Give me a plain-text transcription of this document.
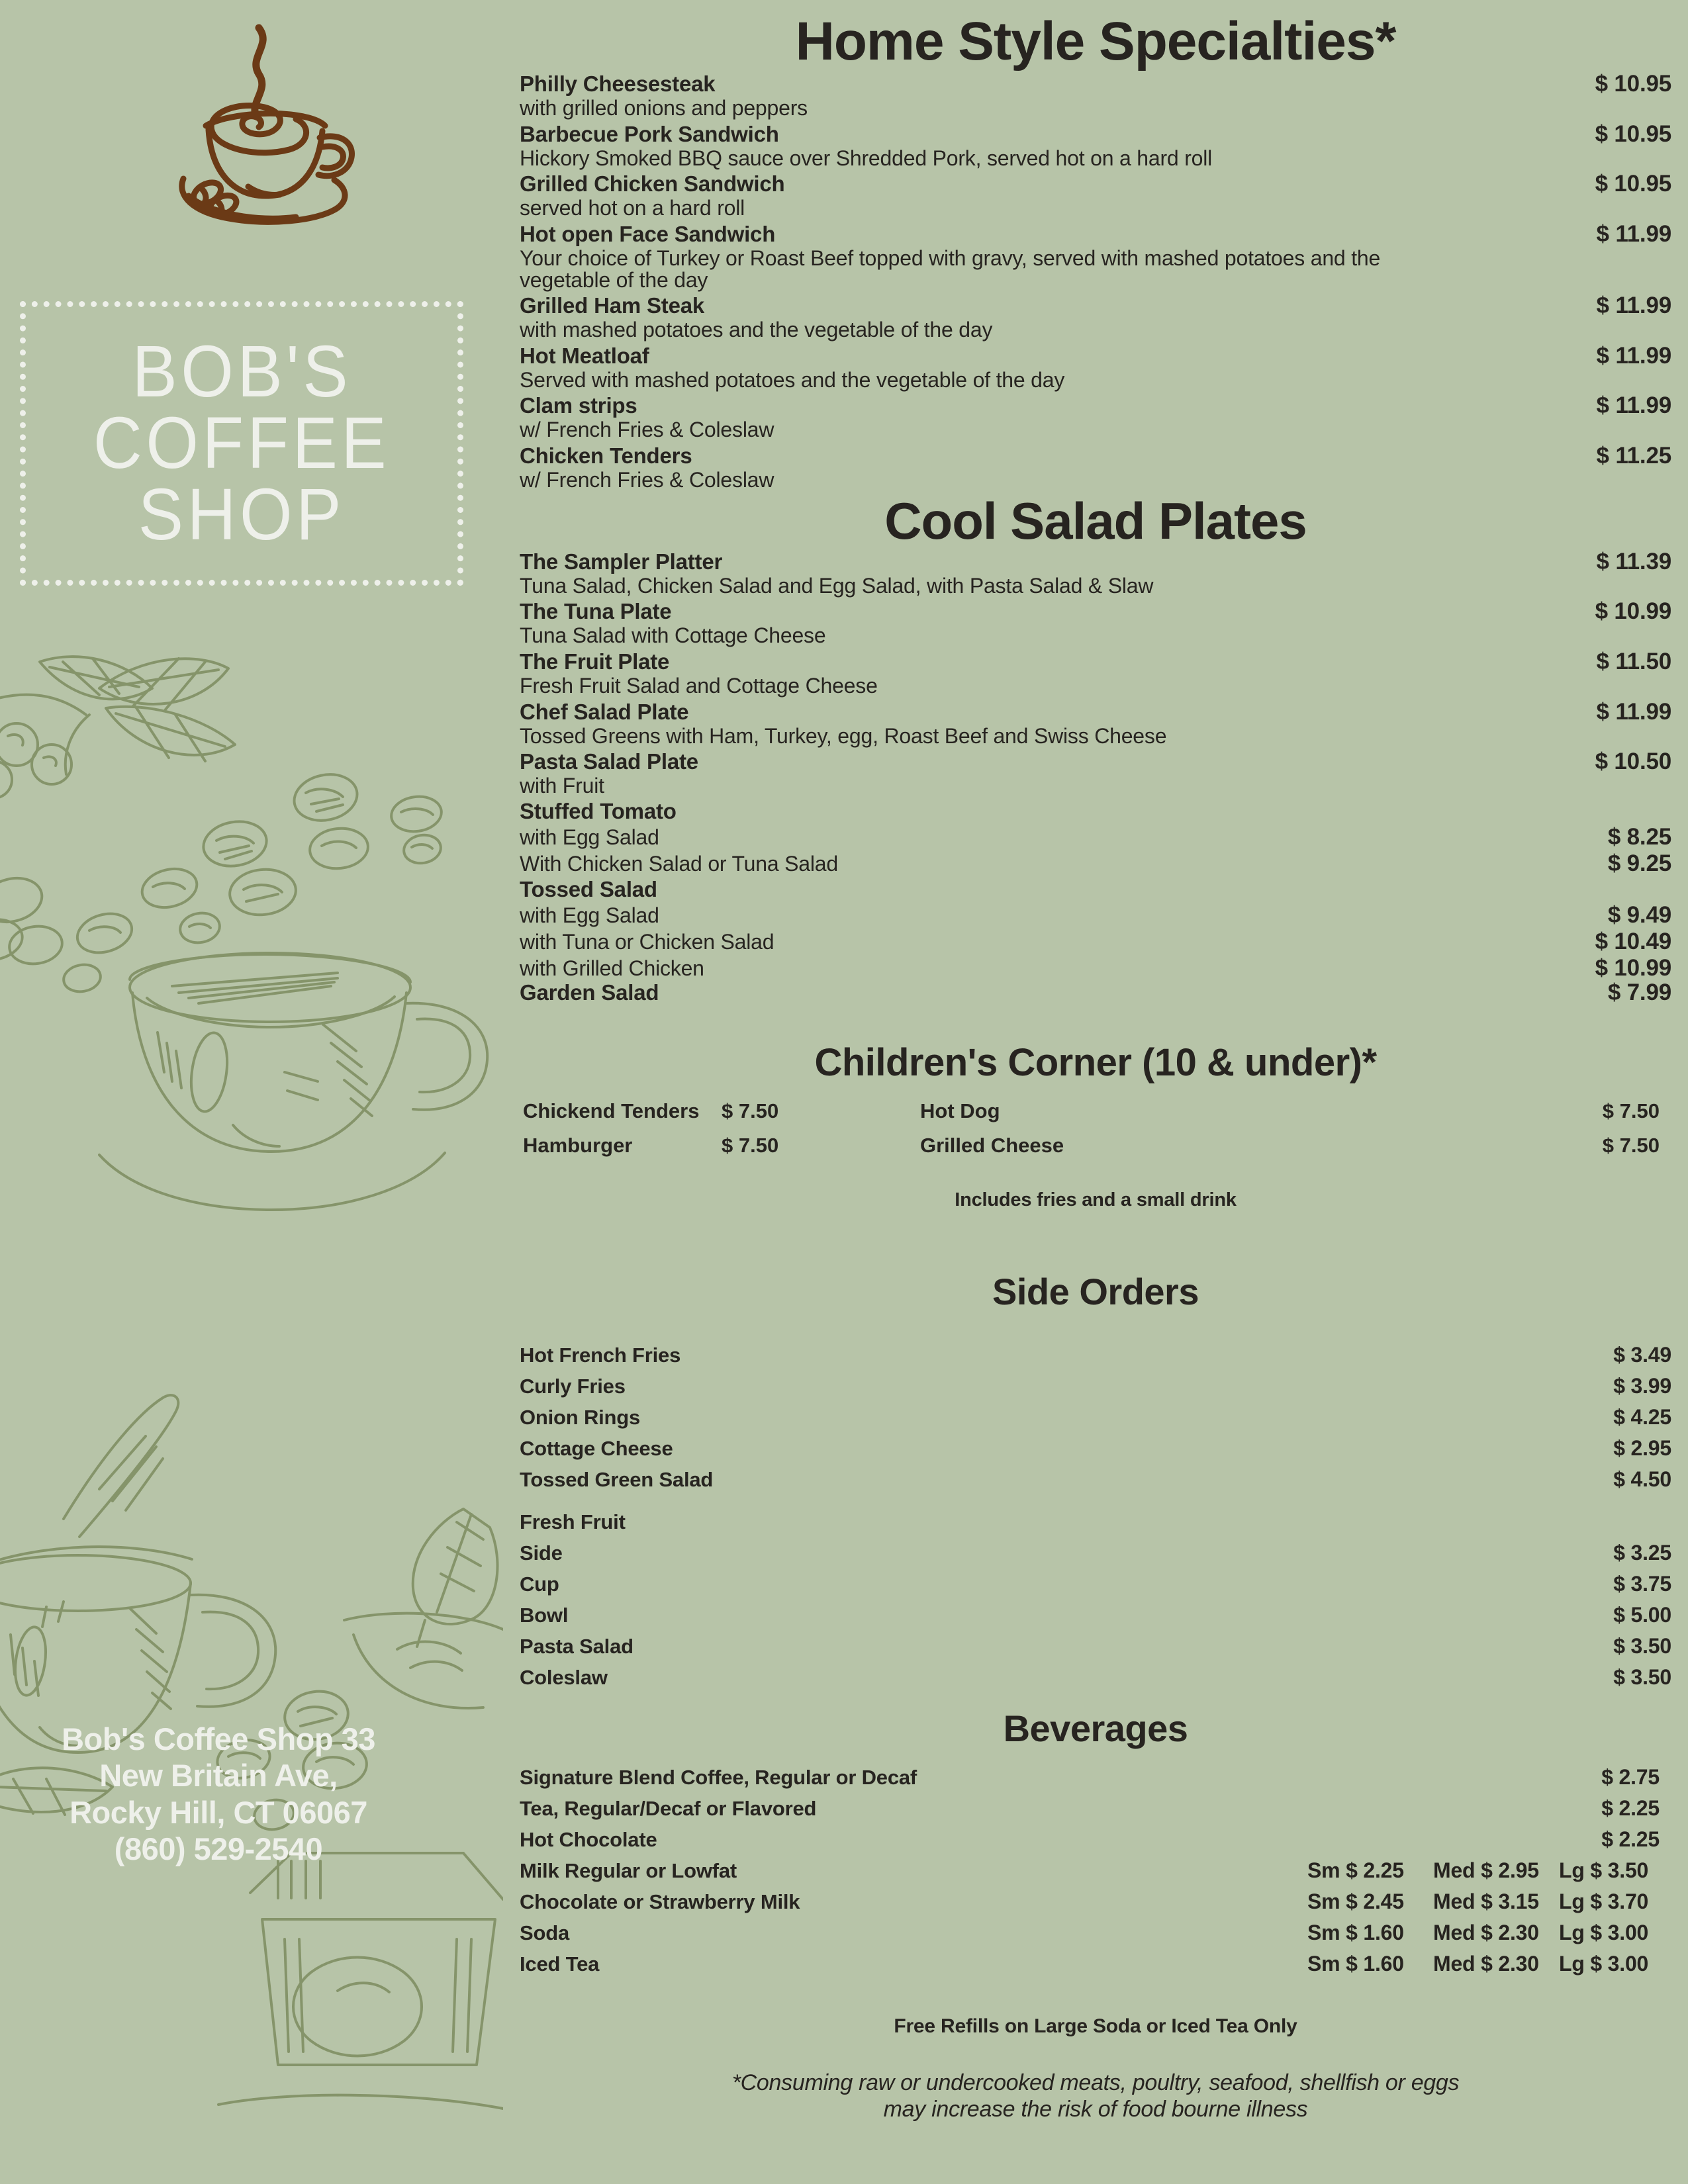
BOB'S
COFFEE
SHOP
Bob's Coffee Shop 33
New Britain Ave,
Rocky Hill, CT 06067
(860) 529-2540
Home Style Specialties*
Philly Cheesesteak	$ 10.95
with grilled onions and peppers
Barbecue Pork Sandwich	$ 10.95
Hickory Smoked BBQ sauce over Shredded Pork, served hot on a hard roll
Grilled Chicken Sandwich	$ 10.95
served hot on a hard roll
Hot open Face Sandwich	$ 11.99
Your choice of Turkey or Roast Beef topped with gravy, served with mashed potatoes and the vegetable of the day
Grilled Ham Steak	$ 11.99
with mashed potatoes and the vegetable of the day
Hot Meatloaf	$ 11.99
Served with mashed potatoes and the vegetable of the day
Clam strips	$ 11.99
w/ French Fries & Coleslaw
Chicken Tenders	$ 11.25
w/ French Fries & Coleslaw
Cool Salad Plates
The Sampler Platter	$ 11.39
Tuna Salad, Chicken Salad and Egg Salad, with Pasta Salad & Slaw
The Tuna Plate	$ 10.99
Tuna Salad with Cottage Cheese
The Fruit Plate	$ 11.50
Fresh Fruit Salad and Cottage Cheese
Chef Salad Plate	$ 11.99
Tossed Greens with Ham, Turkey, egg, Roast Beef and Swiss Cheese
Pasta Salad Plate	$ 10.50
with Fruit
Stuffed Tomato
with Egg Salad	$ 8.25
With Chicken Salad or Tuna Salad	$ 9.25
Tossed Salad
with Egg Salad	$ 9.49
with Tuna or Chicken Salad	$ 10.49
with Grilled Chicken	$ 10.99
Garden Salad	$ 7.99
Children's Corner (10 & under)*
Chickend Tenders	$ 7.50	Hot Dog	$ 7.50
Hamburger	$ 7.50	Grilled Cheese	$ 7.50
Includes fries and a small drink
Side Orders
Hot French Fries	$ 3.49
Curly Fries	$ 3.99
Onion Rings	$ 4.25
Cottage Cheese	$ 2.95
Tossed Green Salad	$ 4.50
Fresh Fruit
Side	$ 3.25
Cup	$ 3.75
Bowl	$ 5.00
Pasta Salad	$ 3.50
Coleslaw	$ 3.50
Beverages
Signature Blend Coffee, Regular or Decaf	$ 2.75
Tea, Regular/Decaf or Flavored	$ 2.25
Hot Chocolate	$ 2.25
Milk Regular or Lowfat	Sm $ 2.25	Med $ 2.95 Lg $ 3.50
Chocolate or Strawberry Milk	Sm $ 2.45	Med $ 3.15 Lg $ 3.70
Soda	Sm $ 1.60	Med $ 2.30 Lg $ 3.00
Iced Tea	Sm $ 1.60	Med $ 2.30 Lg $ 3.00
Free Refills on Large Soda or Iced Tea Only
*Consuming raw or undercooked meats, poultry, seafood, shellfish or eggs
may increase the risk of food bourne illness
